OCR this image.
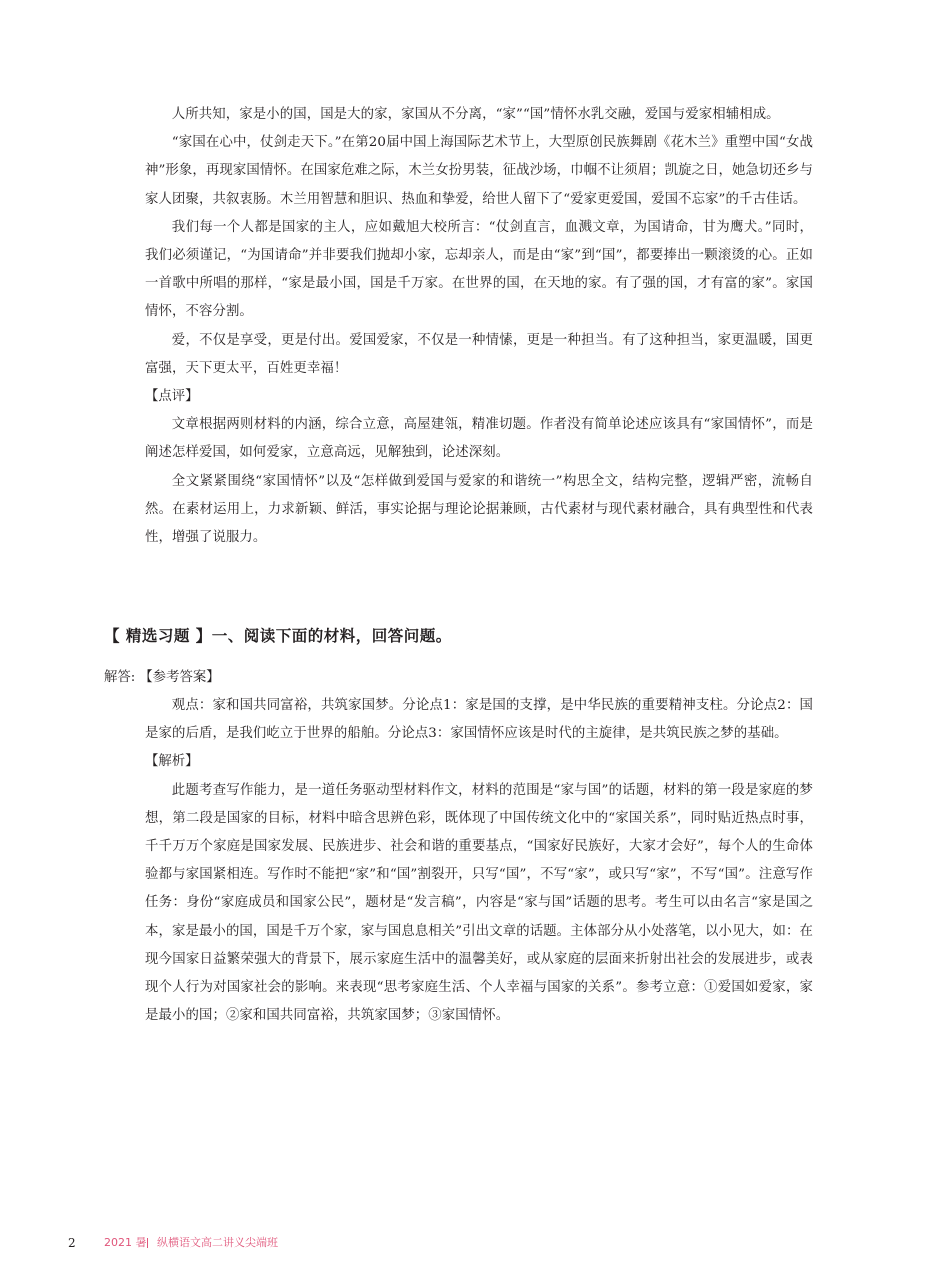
人所共知，家是小的国，国是大的家，家国从不分离，“家”“国”情怀水乳交融，爱国与爱家相辅相成。

“家国在心中，仗剑走天下。”在第20届中国上海国际艺术节上，大型原创民族舞剧《花木兰》重塑中国“女战神”形象，再现家国情怀。在国家危难之际，木兰女扮男装，征战沙场，巾帼不让须眉；凯旋之日，她急切还乡与家人团聚，共叙衷肠。木兰用智慧和胆识、热血和挚爱，给世人留下了“爱家更爱国，爱国不忘家”的千古佳话。

我们每一个人都是国家的主人，应如戴旭大校所言：“仗剑直言，血溅文章，为国请命，甘为鹰犬。”同时，我们必须谨记，“为国请命”并非要我们抛却小家，忘却亲人，而是由“家”到“国”，都要捧出一颗滚烫的心。正如一首歌中所唱的那样，“家是最小国，国是千万家。在世界的国，在天地的家。有了强的国，才有富的家”。家国情怀，不容分割。

爱，不仅是享受，更是付出。爱国爱家，不仅是一种情愫，更是一种担当。有了这种担当，家更温暖，国更富强，天下更太平，百姓更幸福！

【点评】

文章根据两则材料的内涵，综合立意，高屋建瓴，精准切题。作者没有简单论述应该具有“家国情怀”，而是阐述怎样爱国，如何爱家，立意高远，见解独到，论述深刻。

全文紧紧围绕“家国情怀”以及“怎样做到爱国与爱家的和谐统一”构思全文，结构完整，逻辑严密，流畅自然。在素材运用上，力求新颖、鲜活，事实论据与理论论据兼顾，古代素材与现代素材融合，具有典型性和代表性，增强了说服力。

【 精选习题 】一、阅读下面的材料，回答问题。

解答: 【参考答案】

观点：家和国共同富裕，共筑家国梦。分论点1：家是国的支撑，是中华民族的重要精神支柱。分论点2：国是家的后盾，是我们屹立于世界的船舶。分论点3：家国情怀应该是时代的主旋律，是共筑民族之梦的基础。

【解析】

此题考查写作能力，是一道任务驱动型材料作文，材料的范围是“家与国”的话题，材料的第一段是家庭的梦想，第二段是国家的目标，材料中暗含思辨色彩，既体现了中国传统文化中的“家国关系”，同时贴近热点时事，千千万万个家庭是国家发展、民族进步、社会和谐的重要基点，“国家好民族好，大家才会好”，每个人的生命体验都与家国紧相连。写作时不能把“家”和“国”割裂开，只写“国”，不写“家”，或只写“家”，不写“国”。注意写作任务：身份“家庭成员和国家公民”，题材是“发言稿”，内容是“家与国”话题的思考。考生可以由名言“家是国之本，家是最小的国，国是千万个家，家与国息息相关”引出文章的话题。主体部分从小处落笔，以小见大，如：在现今国家日益繁荣强大的背景下，展示家庭生活中的温馨美好，或从家庭的层面来折射出社会的发展进步，或表现个人行为对国家社会的影响。来表现“思考家庭生活、个人幸福与国家的关系”。参考立意：①爱国如爱家，家是最小的国；②家和国共同富裕，共筑家国梦；③家国情怀。

2	2021 暑 纵横语文高二讲义尖端班
